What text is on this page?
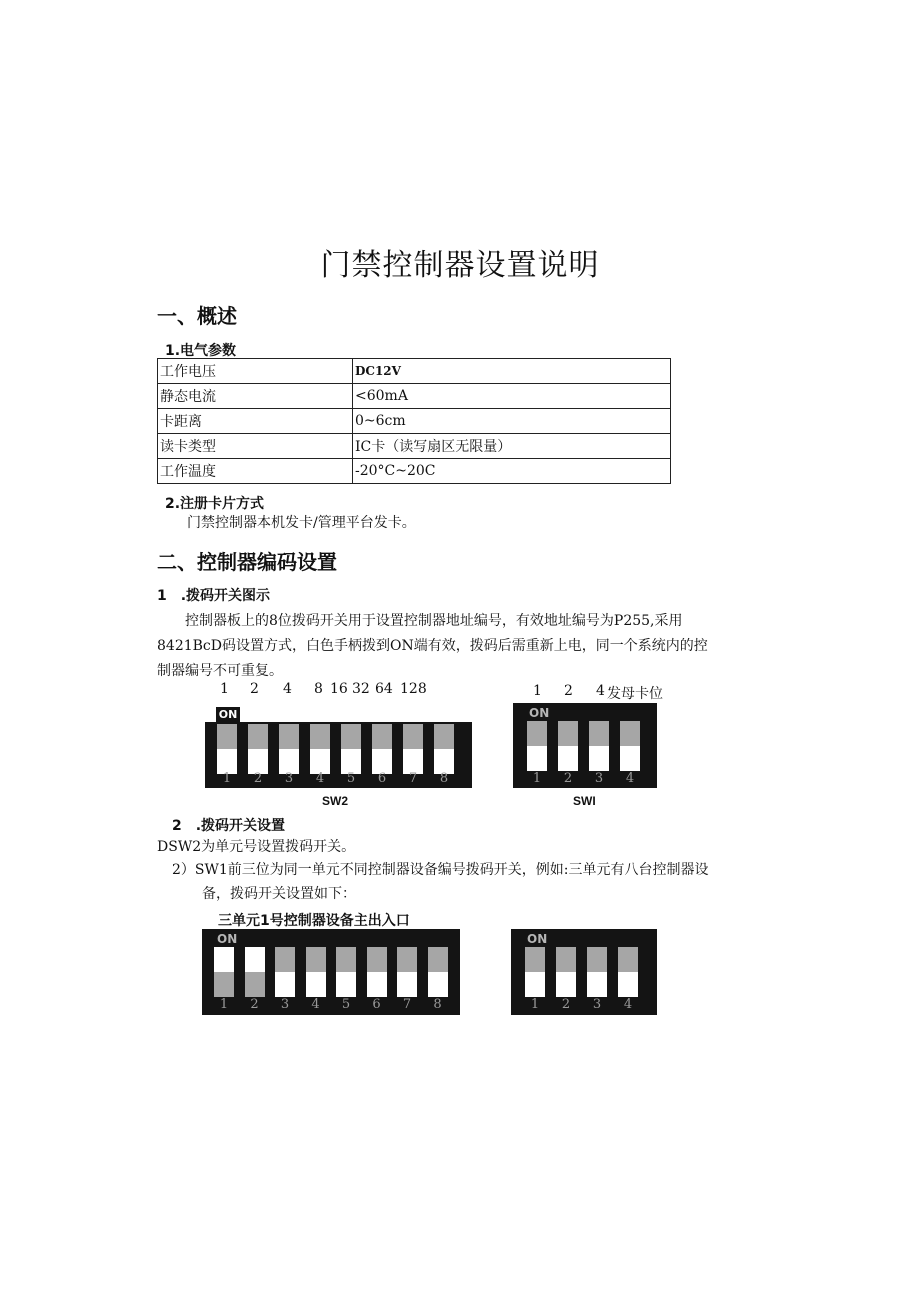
门禁控制器设置说明
一、概述
1.电气参数
工作电压	DC12V
静态电流	<60mA
卡距离	0~6cm
读卡类型	IC卡（读写扇区无限量）
工作温度	-20°C~20C
2.注册卡片方式
门禁控制器本机发卡/管理平台发卡。
二、控制器编码设置
1　.拨码开关图示
控制器板上的8位拨码开关用于设置控制器地址编号，有效地址编号为P255,采用
8421BcD码设置方式，白色手柄拨到ON端有效，拨码后需重新上电，同一个系统内的控
制器编号不可重复。
1 2 4 8 16 32 64 128	1 2 4 发母卡位
ON
1	2	3	4	5	6	7	8
SW2
ON
1	2	3	4
SWI
2　.拨码开关设置
DSW2为单元号设置拨码开关。
2）SW1前三位为同一单元不同控制器设备编号拨码开关，例如:三单元有八台控制器设
备，拨码开关设置如下：
三单元1号控制器设备主出入口
ON
1	2	3	4	5	6	7	8
ON
1	2	3	4
